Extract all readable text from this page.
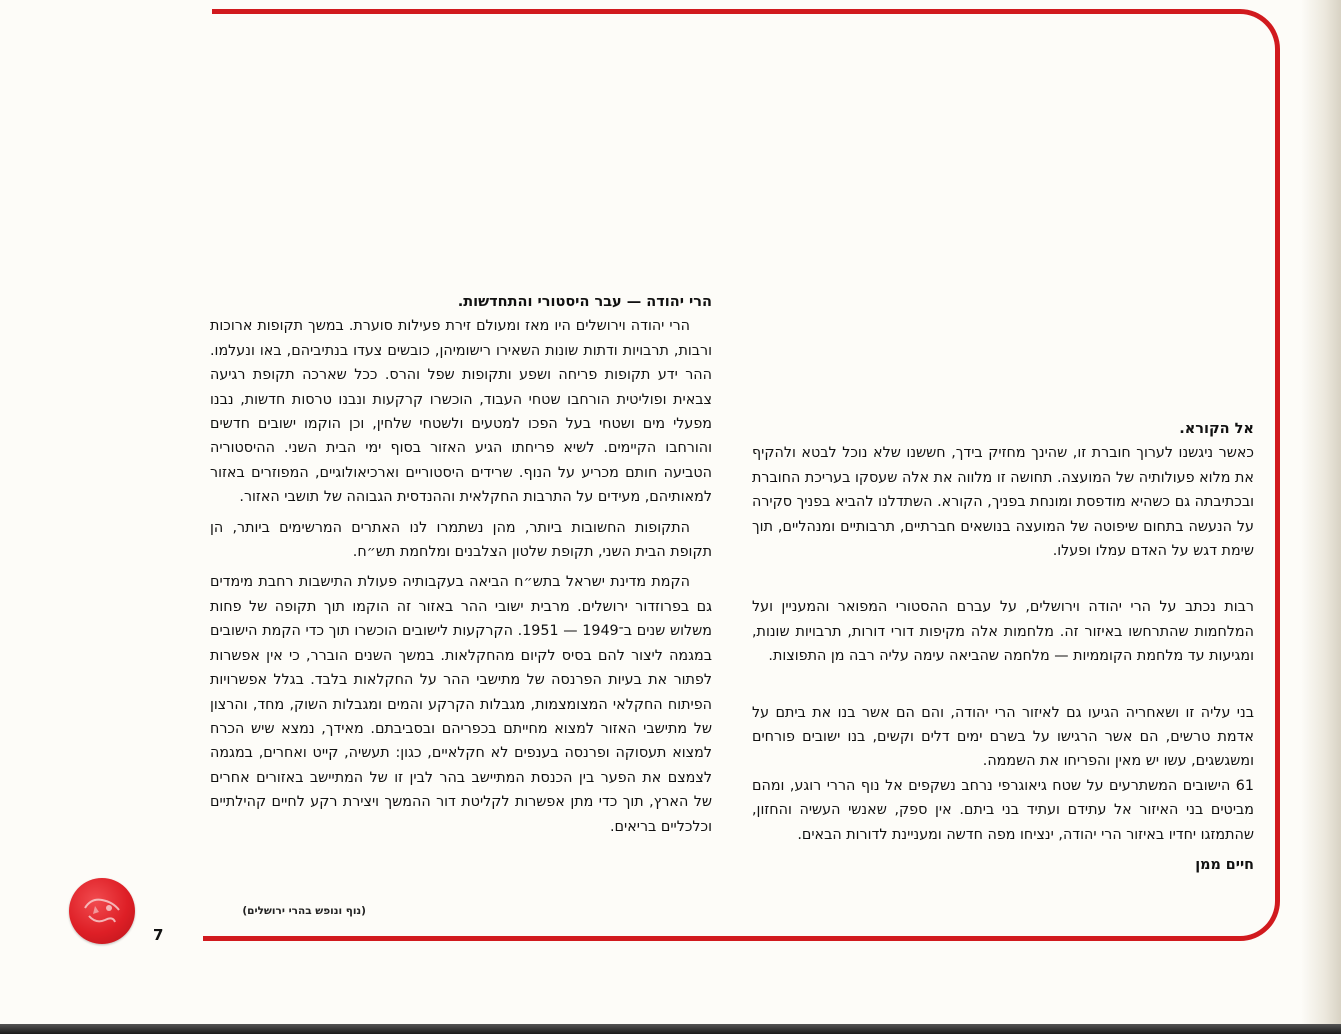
הרי יהודה — עבר היסטורי והתחדשות.

הרי יהודה וירושלים היו מאז ומעולם זירת פעילות סוערת. במשך תקופות ארוכות ורבות, תרבויות ודתות שונות השאירו רישומיהן, כובשים צעדו בנתיביהם, באו ונעלמו. ההר ידע תקופות פריחה ושפע ותקופות שפל והרס. ככל שארכה תקופת רגיעה צבאית ופוליטית הורחבו שטחי העבוד, הוכשרו קרקעות ונבנו טרסות חדשות, נבנו מפעלי מים ושטחי בעל הפכו למטעים ולשטחי שלחין, וכן הוקמו ישובים חדשים והורחבו הקיימים. לשיא פריחתו הגיע האזור בסוף ימי הבית השני. ההיסטוריה הטביעה חותם מכריע על הנוף. שרידים היסטוריים וארכיאולוגיים, המפוזרים באזור למאותיהם, מעידים על התרבות החקלאית וההנדסית הגבוהה של תושבי האזור.

התקופות החשובות ביותר, מהן נשתמרו לנו האתרים המרשימים ביותר, הן תקופת הבית השני, תקופת שלטון הצלבנים ומלחמת תש״ח.

הקמת מדינת ישראל בתש״ח הביאה בעקבותיה פעולת התישבות רחבת מימדים גם בפרוזדור ירושלים. מרבית ישובי ההר באזור זה הוקמו תוך תקופה של פחות משלוש שנים ב־1949 — 1951. הקרקעות לישובים הוכשרו תוך כדי הקמת הישובים במגמה ליצור להם בסיס לקיום מהחקלאות. במשך השנים הוברר, כי אין אפשרות לפתור את בעיות הפרנסה של מתישבי ההר על החקלאות בלבד. בגלל אפשרויות הפיתוח החקלאי המצומצמות, מגבלות הקרקע והמים ומגבלות השוק, מחד, והרצון של מתישבי האזור למצוא מחייתם בכפריהם ובסביבתם. מאידך, נמצא שיש הכרח למצוא תעסוקה ופרנסה בענפים לא חקלאיים, כגון: תעשיה, קייט ואחרים, במגמה לצמצם את הפער בין הכנסת המתיישב בהר לבין זו של המתיישב באזורים אחרים של הארץ, תוך כדי מתן אפשרות לקליטת דור ההמשך ויצירת רקע לחיים קהילתיים וכלכליים בריאים.

אל הקורא.

כאשר ניגשנו לערוך חוברת זו, שהינך מחזיק בידך, חששנו שלא נוכל לבטא ולהקיף את מלוא פעולותיה של המועצה. תחושה זו מלווה את אלה שעסקו בעריכת החוברת ובכתיבתה גם כשהיא מודפסת ומונחת בפניך, הקורא. השתדלנו להביא בפניך סקירה על הנעשה בתחום שיפוטה של המועצה בנושאים חברתיים, תרבותיים ומנהליים, תוך שימת דגש על האדם עמלו ופעלו.

רבות נכתב על הרי יהודה וירושלים, על עברם ההסטורי המפואר והמעניין ועל המלחמות שהתרחשו באיזור זה. מלחמות אלה מקיפות דורי דורות, תרבויות שונות, ומגיעות עד מלחמת הקוממיות — מלחמה שהביאה עימה עליה רבה מן התפוצות.

בני עליה זו ושאחריה הגיעו גם לאיזור הרי יהודה, והם הם אשר בנו את ביתם על אדמת טרשים, הם אשר הרגישו על בשרם ימים דלים וקשים, בנו ישובים פורחים ומשגשגים, עשו יש מאין והפריחו את השממה.

61 הישובים המשתרעים על שטח גיאוגרפי נרחב נשקפים אל נוף הררי רוגע, ומהם מביטים בני האיזור אל עתידם ועתיד בני ביתם. אין ספק, שאנשי העשיה והחזון, שהתמזגו יחדיו באיזור הרי יהודה, ינציחו מפה חדשה ומעניינת לדורות הבאים.

חיים ממן

(נוף ונופש בהרי ירושלים)
7
